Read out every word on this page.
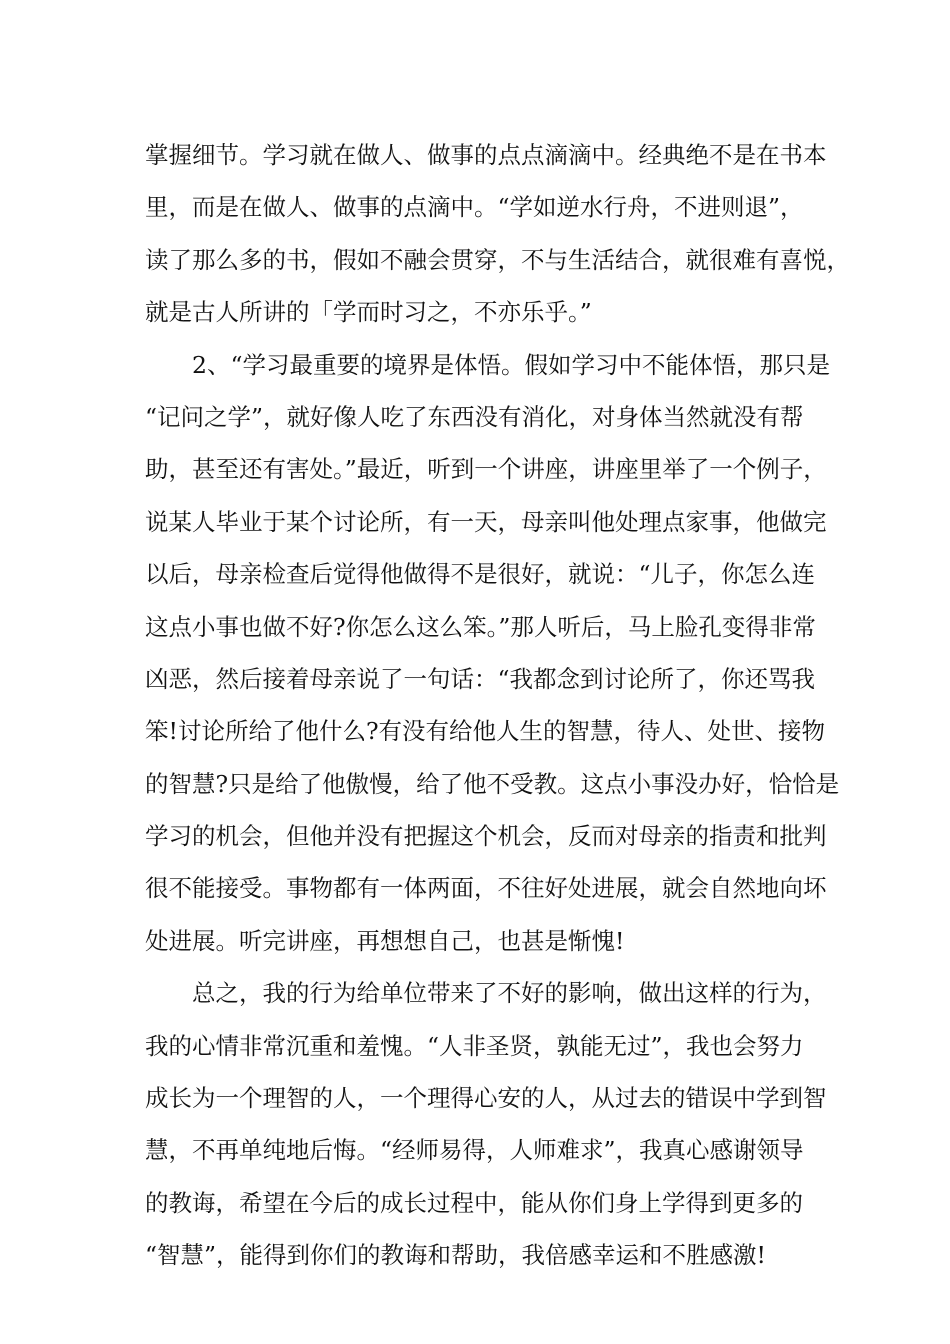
掌握细节。学习就在做人、做事的点点滴滴中。经典绝不是在书本

里，而是在做人、做事的点滴中。“学如逆水行舟，不进则退”，

读了那么多的书，假如不融会贯穿，不与生活结合，就很难有喜悦，

就是古人所讲的「学而时习之，不亦乐乎。”

　　2、“学习最重要的境界是体悟。假如学习中不能体悟，那只是

“记问之学”，就好像人吃了东西没有消化，对身体当然就没有帮

助，甚至还有害处。”最近，听到一个讲座，讲座里举了一个例子，

说某人毕业于某个讨论所，有一天，母亲叫他处理点家事，他做完

以后，母亲检查后觉得他做得不是很好，就说：“儿子，你怎么连

这点小事也做不好?你怎么这么笨。”那人听后，马上脸孔变得非常

凶恶，然后接着母亲说了一句话：“我都念到讨论所了，你还骂我

笨!讨论所给了他什么?有没有给他人生的智慧，待人、处世、接物

的智慧?只是给了他傲慢，给了他不受教。这点小事没办好，恰恰是

学习的机会，但他并没有把握这个机会，反而对母亲的指责和批判

很不能接受。事物都有一体两面，不往好处进展，就会自然地向坏

处进展。听完讲座，再想想自己，也甚是惭愧!

　　总之，我的行为给单位带来了不好的影响，做出这样的行为，

我的心情非常沉重和羞愧。“人非圣贤，孰能无过”，我也会努力

成长为一个理智的人，一个理得心安的人，从过去的错误中学到智

慧，不再单纯地后悔。“经师易得，人师难求”，我真心感谢领导

的教诲，希望在今后的成长过程中，能从你们身上学得到更多的

“智慧”，能得到你们的教诲和帮助，我倍感幸运和不胜感激!
